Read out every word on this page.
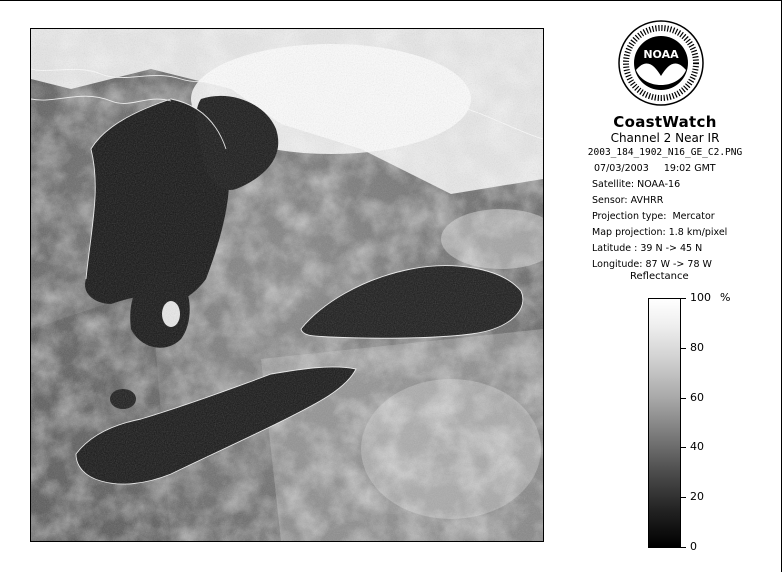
NOAA
CoastWatch
Channel 2 Near IR
2003_184_1902_N16_GE_C2.PNG
07/03/2003     19:02 GMT
Satellite: NOAA-16
Sensor: AVHRR
Projection type:  Mercator
Map projection: 1.8 km/pixel
Latitude : 39 N -> 45 N
Longitude: 87 W -> 78 W
Reflectance
%
100
80
60
40
20
0
